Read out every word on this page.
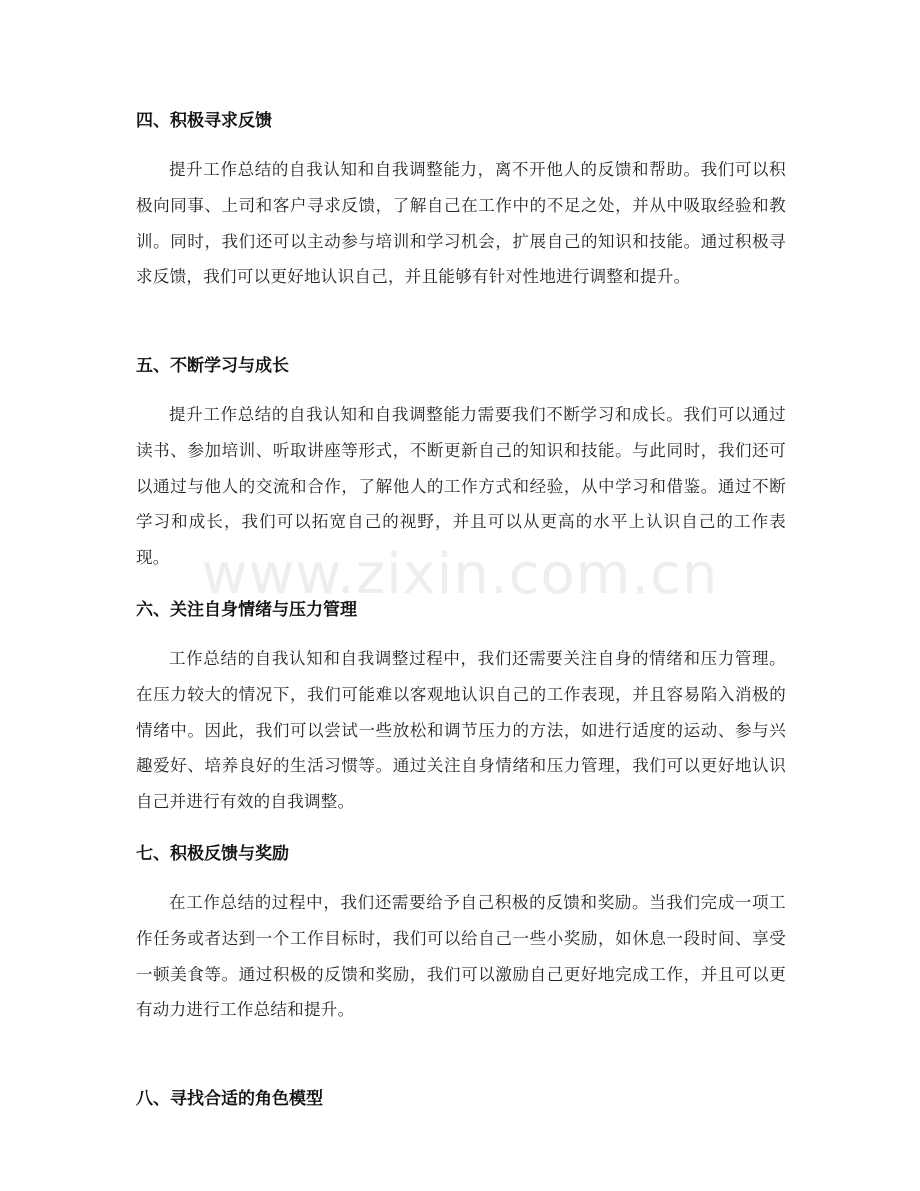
www.zixin.com.cn
四、积极寻求反馈

提升工作总结的自我认知和自我调整能力，离不开他人的反馈和帮助。我们可以积极向同事、上司和客户寻求反馈，了解自己在工作中的不足之处，并从中吸取经验和教训。同时，我们还可以主动参与培训和学习机会，扩展自己的知识和技能。通过积极寻求反馈，我们可以更好地认识自己，并且能够有针对性地进行调整和提升。

五、不断学习与成长

提升工作总结的自我认知和自我调整能力需要我们不断学习和成长。我们可以通过读书、参加培训、听取讲座等形式，不断更新自己的知识和技能。与此同时，我们还可以通过与他人的交流和合作，了解他人的工作方式和经验，从中学习和借鉴。通过不断学习和成长，我们可以拓宽自己的视野，并且可以从更高的水平上认识自己的工作表现。

六、关注自身情绪与压力管理

工作总结的自我认知和自我调整过程中，我们还需要关注自身的情绪和压力管理。在压力较大的情况下，我们可能难以客观地认识自己的工作表现，并且容易陷入消极的情绪中。因此，我们可以尝试一些放松和调节压力的方法，如进行适度的运动、参与兴趣爱好、培养良好的生活习惯等。通过关注自身情绪和压力管理，我们可以更好地认识自己并进行有效的自我调整。

七、积极反馈与奖励

在工作总结的过程中，我们还需要给予自己积极的反馈和奖励。当我们完成一项工作任务或者达到一个工作目标时，我们可以给自己一些小奖励，如休息一段时间、享受一顿美食等。通过积极的反馈和奖励，我们可以激励自己更好地完成工作，并且可以更有动力进行工作总结和提升。

八、寻找合适的角色模型
